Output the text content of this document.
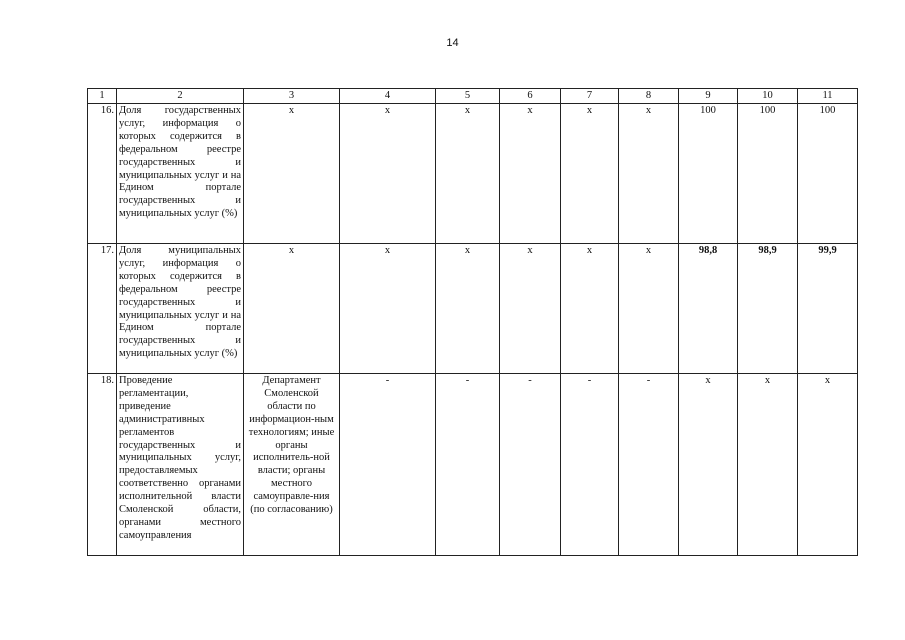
14
1	2	3	4	5	6	7	8	9	10	11
16.	Доля государственных услуг, информация о которых содержится в федеральном реестре государственных и муниципальных услуг и на Едином портале государственных и муниципальных услуг (%)	х	х	х	х	х	х	100	100	100
17.	Доля муниципальных услуг, информация о которых содержится в федеральном реестре государственных и муниципальных услуг и на Едином портале государственных и муниципальных услуг (%)	х	х	х	х	х	х	98,8	98,9	99,9
18.	Проведение регламентации, приведение административных регламентов государственных и муниципальных услуг, предоставляемых соответственно органами исполнительной власти Смоленской области, органами местного самоуправления	Департамент Смоленской области по информацион-ным технологиям; иные органы исполнитель-ной власти; органы местного самоуправле-ния (по согласованию)	-	-	-	-	-	х	х	х
